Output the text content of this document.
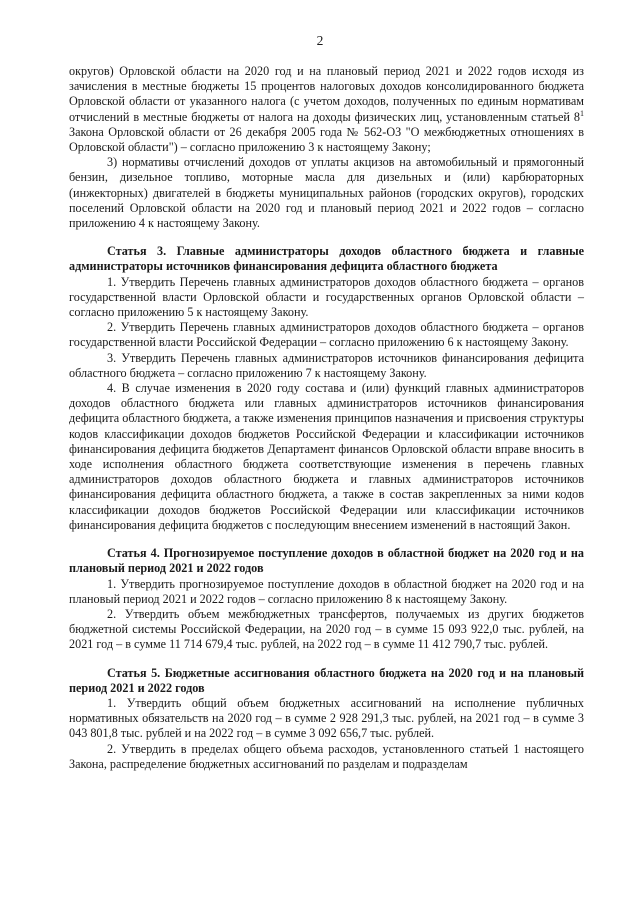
2

округов) Орловской области на 2020 год и на плановый период 2021 и 2022 годов исходя из зачисления в местные бюджеты 15 процентов налоговых доходов консолидированного бюджета Орловской области от указанного налога (с учетом доходов, полученных по единым нормативам отчислений в местные бюджеты от налога на доходы физических лиц, установленным статьей $8^1$ Закона Орловской области от 26 декабря 2005 года № 562-ОЗ "О межбюджетных отношениях в Орловской области") – согласно приложению 3 к настоящему Закону;

3) нормативы отчислений доходов от уплаты акцизов на автомобильный и прямогонный бензин, дизельное топливо, моторные масла для дизельных и (или) карбюраторных (инжекторных) двигателей в бюджеты муниципальных районов (городских округов), городских поселений Орловской области на 2020 год и плановый период 2021 и 2022 годов – согласно приложению 4 к настоящему Закону.

Статья 3. Главные администраторы доходов областного бюджета и главные администраторы источников финансирования дефицита областного бюджета

1. Утвердить Перечень главных администраторов доходов областного бюджета – органов государственной власти Орловской области и государственных органов Орловской области – согласно приложению 5 к настоящему Закону.

2. Утвердить Перечень главных администраторов доходов областного бюджета – органов государственной власти Российской Федерации – согласно приложению 6 к настоящему Закону.

3. Утвердить Перечень главных администраторов источников финансирования дефицита областного бюджета – согласно приложению 7 к настоящему Закону.

4. В случае изменения в 2020 году состава и (или) функций главных администраторов доходов областного бюджета или главных администраторов источников финансирования дефицита областного бюджета, а также изменения принципов назначения и присвоения структуры кодов классификации доходов бюджетов Российской Федерации и классификации источников финансирования дефицита бюджетов Департамент финансов Орловской области вправе вносить в ходе исполнения областного бюджета соответствующие изменения в перечень главных администраторов доходов областного бюджета и главных администраторов источников финансирования дефицита областного бюджета, а также в состав закрепленных за ними кодов классификации доходов бюджетов Российской Федерации или классификации источников финансирования дефицита бюджетов с последующим внесением изменений в настоящий Закон.

Статья 4. Прогнозируемое поступление доходов в областной бюджет на 2020 год и на плановый период 2021 и 2022 годов

1. Утвердить прогнозируемое поступление доходов в областной бюджет на 2020 год и на плановый период 2021 и 2022 годов – согласно приложению 8 к настоящему Закону.

2. Утвердить объем межбюджетных трансфертов, получаемых из других бюджетов бюджетной системы Российской Федерации, на 2020 год – в сумме 15 093 922,0 тыс. рублей, на 2021 год – в сумме 11 714 679,4 тыс. рублей, на 2022 год – в сумме 11 412 790,7 тыс. рублей.

Статья 5. Бюджетные ассигнования областного бюджета на 2020 год и на плановый период 2021 и 2022 годов

1. Утвердить общий объем бюджетных ассигнований на исполнение публичных нормативных обязательств на 2020 год – в сумме 2 928 291,3 тыс. рублей, на 2021 год – в сумме 3 043 801,8 тыс. рублей и на 2022 год – в сумме 3 092 656,7 тыс. рублей.

2. Утвердить в пределах общего объема расходов, установленного статьей 1 настоящего Закона, распределение бюджетных ассигнований по разделам и подразделам
